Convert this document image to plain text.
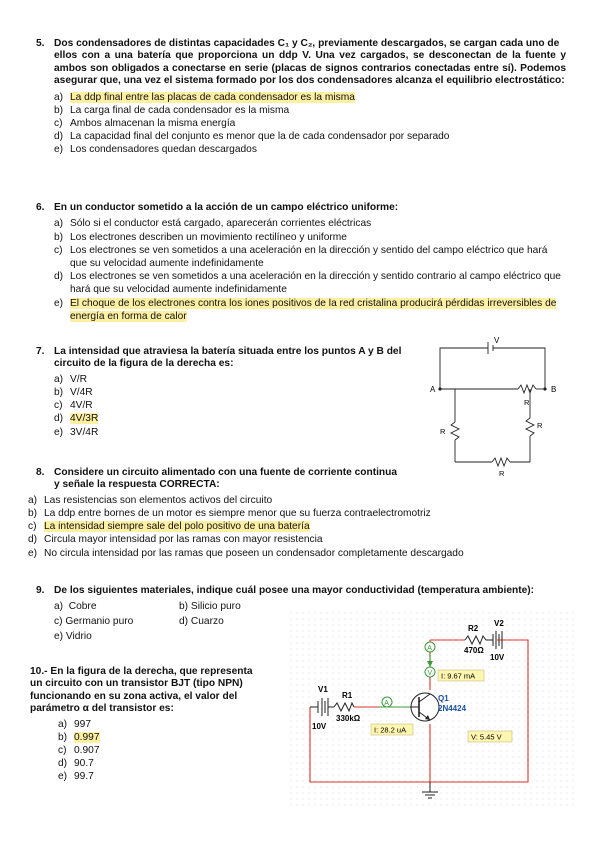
5. Dos condensadores de distintas capacidades C₁ y C₂, previamente descargados, se cargan cada uno de
ellos con a una batería que proporciona un ddp V. Una vez cargados, se desconectan de la fuente y ambos son obligados a conectarse en serie (placas de signos contrarios conectadas entre sí). Podemos asegurar que, una vez el sistema formado por los dos condensadores alcanza el equilibrio electrostático:
a) La ddp final entre las placas de cada condensador es la misma
b) La carga final de cada condensador es la misma
c) Ambos almacenan la misma energía
d) La capacidad final del conjunto es menor que la de cada condensador por separado
e) Los condensadores quedan descargados
6. En un conductor sometido a la acción de un campo eléctrico uniforme:
a) Sólo si el conductor está cargado, aparecerán corrientes eléctricas
b) Los electrones describen un movimiento rectilíneo y uniforme
c) Los electrones se ven sometidos a una aceleración en la dirección y sentido del campo eléctrico que hará que su velocidad aumente indefinidamente
d) Los electrones se ven sometidos a una aceleración en la dirección y sentido contrario al campo eléctrico que hará que su velocidad aumente indefinidamente
e) El choque de los electrones contra los iones positivos de la red cristalina producirá pérdidas irreversibles de energía en forma de calor
7. La intensidad que atraviesa la batería situada entre los puntos A y B del
circuito de la figura de la derecha es:
a) V/R
b) V/4R
c) 4V/R
d) 4V/3R
e) 3V/4R
V
A	B
R
R
R
R
8. Considere un circuito alimentado con una fuente de corriente continua
y señale la respuesta CORRECTA:
a) Las resistencias son elementos activos del circuito
b) La ddp entre bornes de un motor es siempre menor que su fuerza contraelectromotriz
c) La intensidad siempre sale del polo positivo de una batería
d) Circula mayor intensidad por las ramas con mayor resistencia
e) No circula intensidad por las ramas que poseen un condensador completamente descargado
9. De los siguientes materiales, indique cuál posee una mayor conductividad (temperatura ambiente):
a) Cobre	b) Silicio puro
c) Germanio puro	d) Cuarzo
e) Vidrio
10.- En la figura de la derecha, que representa
un circuito con un transistor BJT (tipo NPN)
funcionando en su zona activa, el valor del
parámetro α del transistor es:
a) 997
b) 0.997
c) 0.907
d) 90.7
e) 99.7
V1
10V
R1
330kΩ
A
I: 28.2 uA
Q1
2N4424
A
I: 9.67 mA
V
V: 5.45 V
R2
470Ω
V2
10V
